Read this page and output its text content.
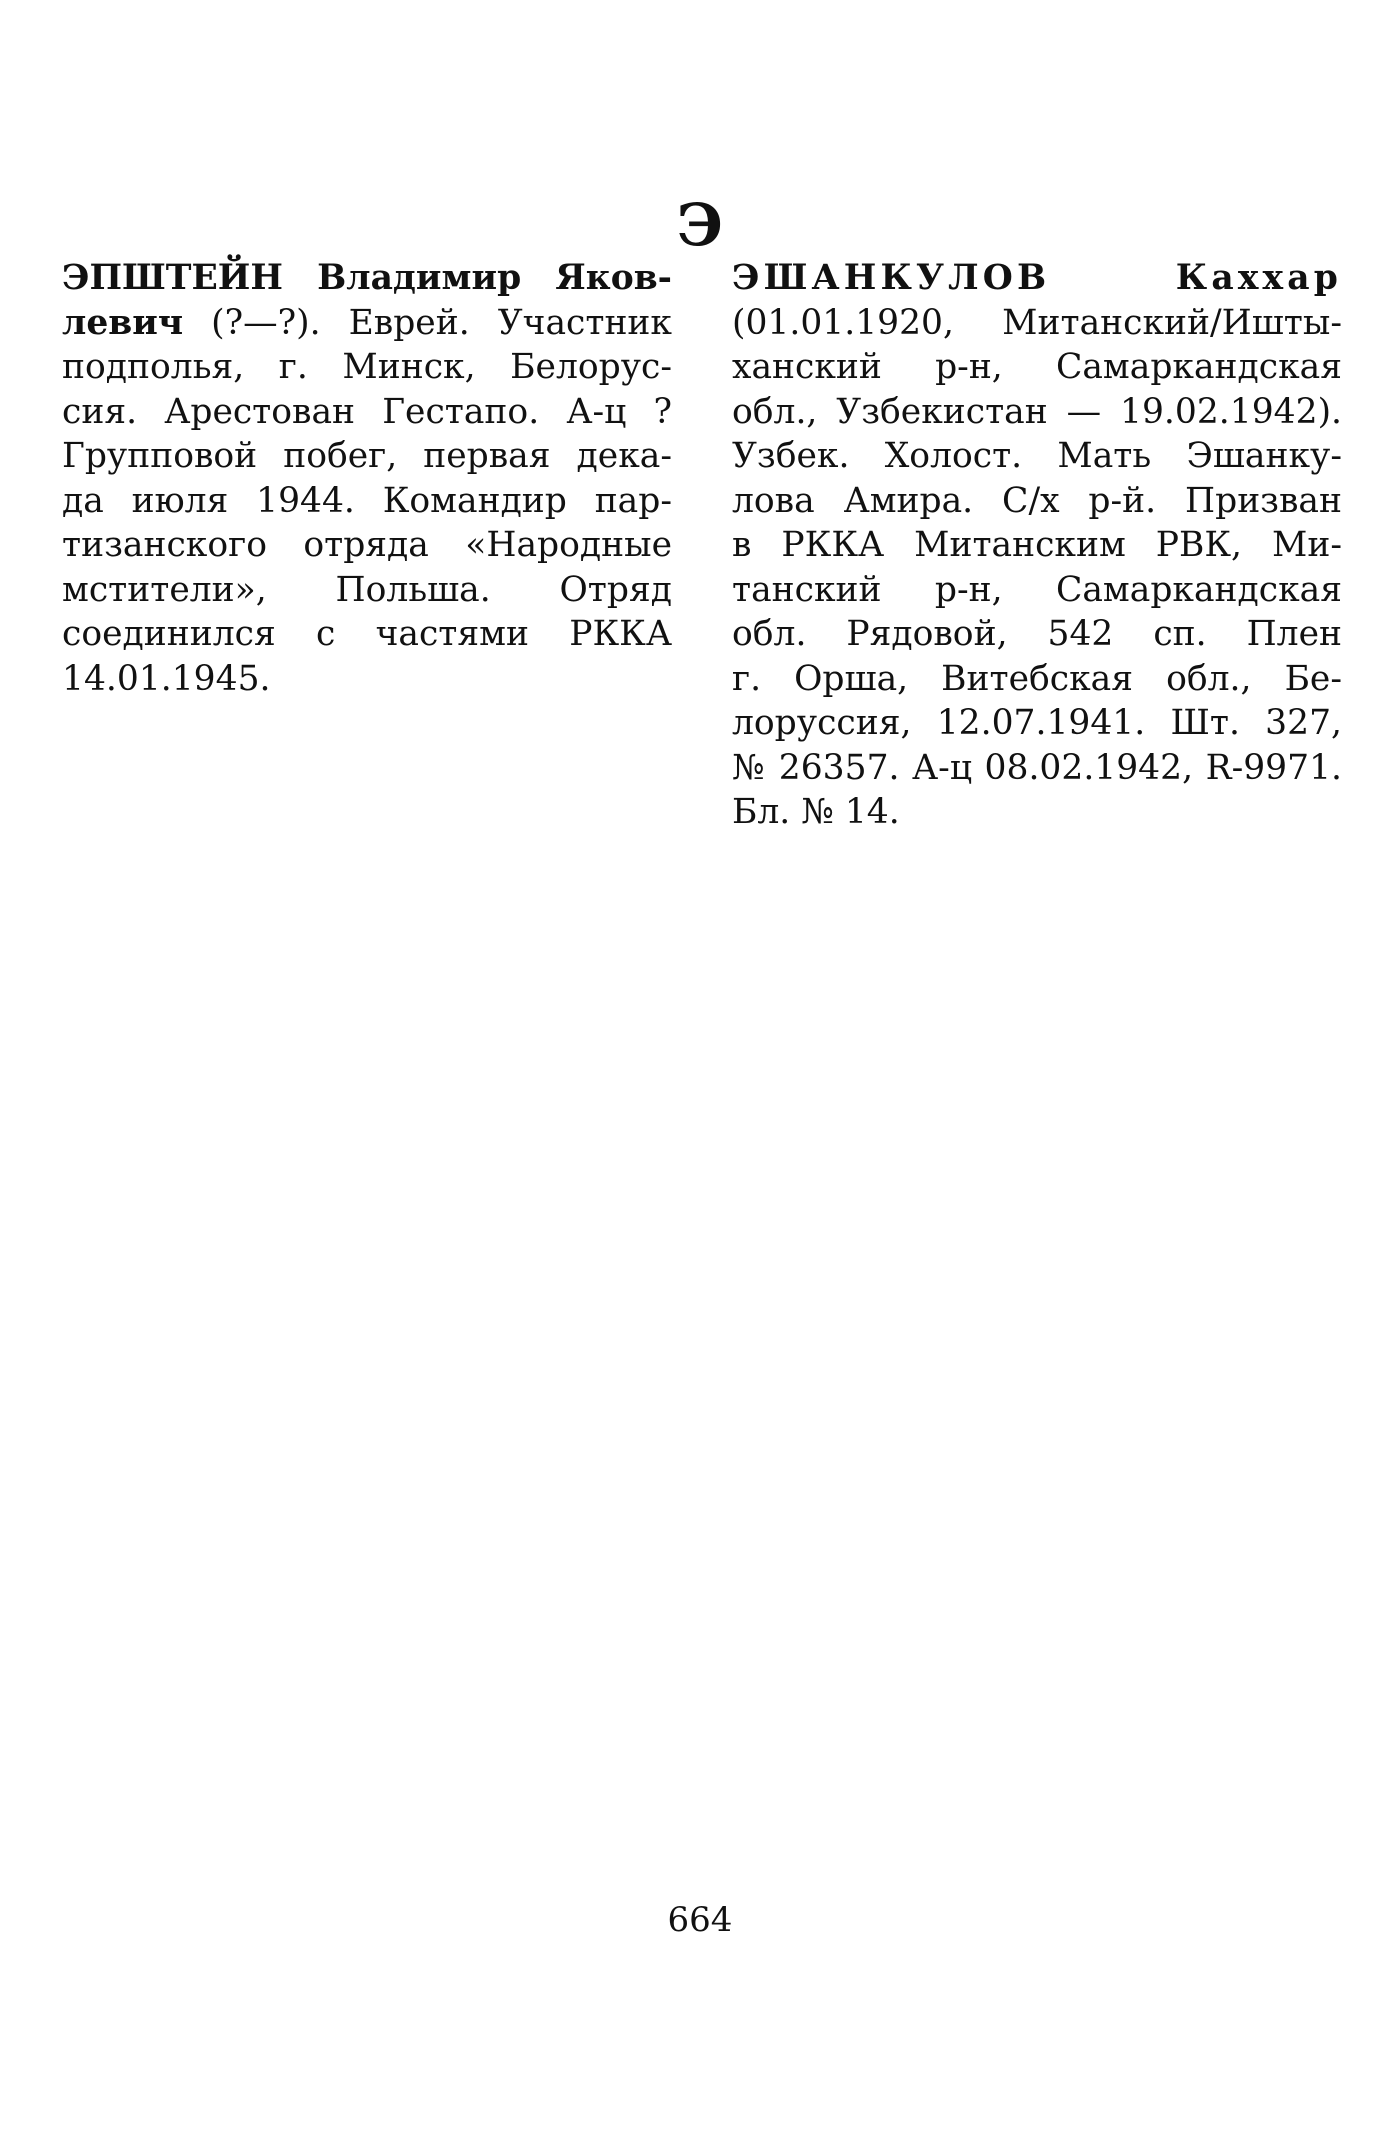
Э

ЭПШТЕЙН Владимир Яков-
левич (?—?). Еврей. Участник
подполья, г. Минск, Белорус-
сия. Арестован Гестапо. А-ц ?
Групповой побег, первая дека-
да июля 1944. Командир пар-
тизанского отряда «Народные
мстители», Польша. Отряд
соединился с частями РККА
14.01.1945.

ЭШАНКУЛОВ Каххар
(01.01.1920, Митанский/Ишты-
ханский р-н, Самаркандская
обл., Узбекистан — 19.02.1942).
Узбек. Холост. Мать Эшанку-
лова Амира. С/х р-й. Призван
в РККА Митанским РВК, Ми-
танский р-н, Самаркандская
обл. Рядовой, 542 сп. Плен
г. Орша, Витебская обл., Бе-
лоруссия, 12.07.1941. Шт. 327,
№ 26357. А-ц 08.02.1942, R-9971.
Бл. № 14.

664
